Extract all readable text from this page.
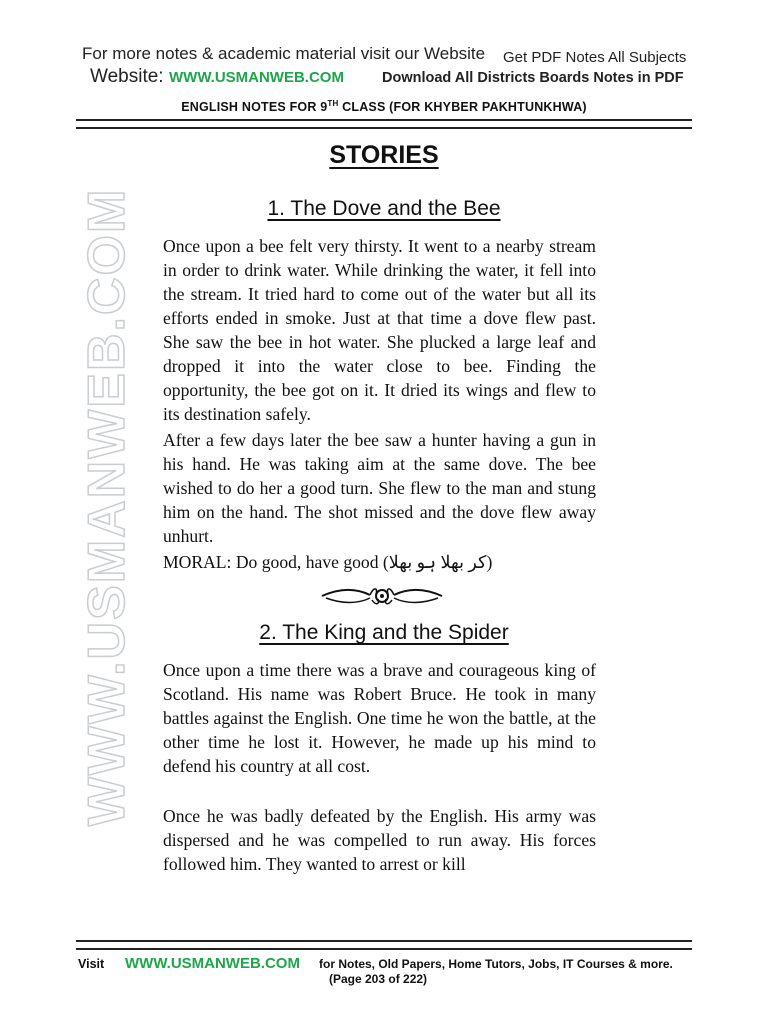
For more notes & academic material visit our Website Get PDF Notes All Subjects
Website: WWW.USMANWEB.COM	Download All Districts Boards Notes in PDF
ENGLISH NOTES FOR 9TH CLASS (FOR KHYBER PAKHTUNKHWA)
WWW.USMANWEB.COM
STORIES
1. The Dove and the Bee
Once upon a bee felt very thirsty. It went to a nearby stream in order to drink water. While drinking the water, it fell into the stream. It tried hard to come out of the water but all its efforts ended in smoke. Just at that time a dove flew past. She saw the bee in hot water. She plucked a large leaf and dropped it into the water close to bee. Finding the opportunity, the bee got on it. It dried its wings and flew to its destination safely.
After a few days later the bee saw a hunter having a gun in his hand. He was taking aim at the same dove. The bee wished to do her a good turn. She flew to the man and stung him on the hand. The shot missed and the dove flew away unhurt.
MORAL: Do good, have good (کر بھلا ہو بھلا)
2. The King and the Spider
Once upon a time there was a brave and courageous king of Scotland. His name was Robert Bruce. He took in many battles against the English. One time he won the battle, at the other time he lost it. However, he made up his mind to defend his country at all cost.
Once he was badly defeated by the English. His army was dispersed and he was compelled to run away. His forces followed him. They wanted to arrest or kill
Visit WWW.USMANWEB.COM for Notes, Old Papers, Home Tutors, Jobs, IT Courses & more.
(Page 203 of 222)
